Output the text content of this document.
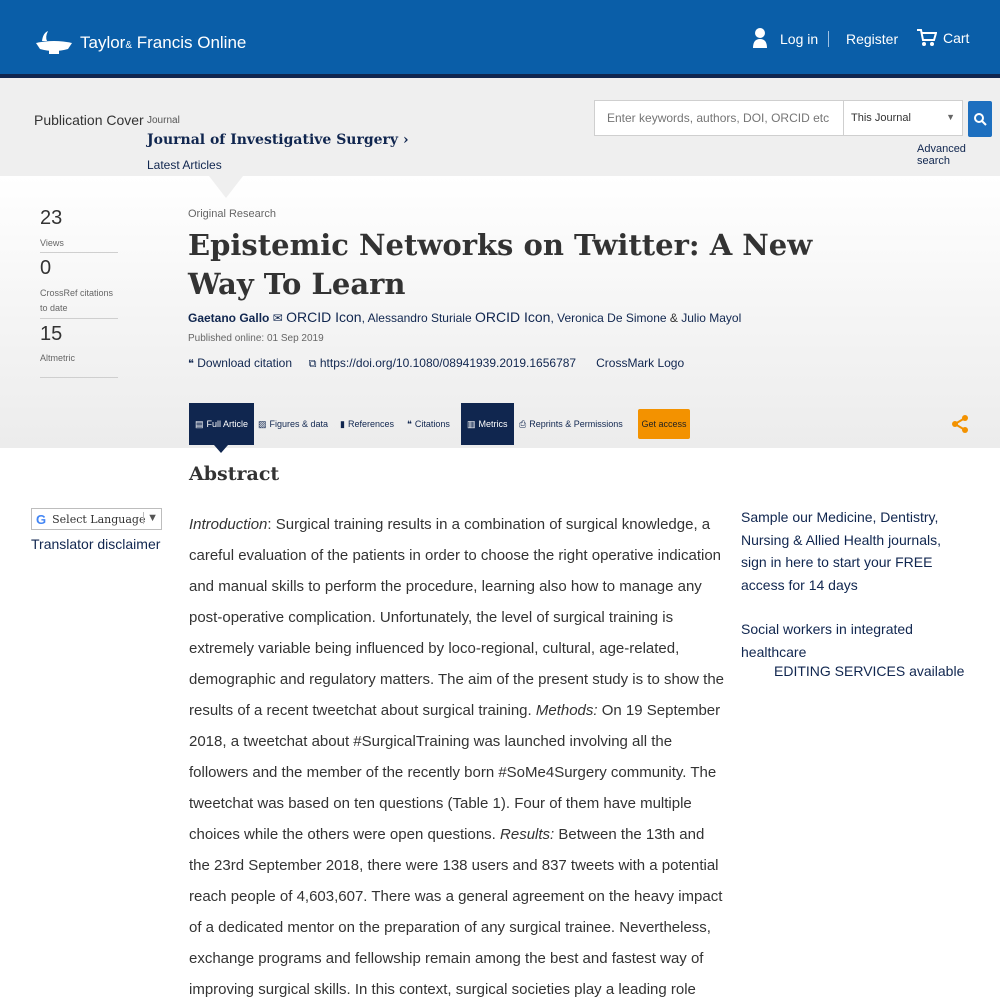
Taylor& Francis Online	Log in Register	Cart
Publication Cover Journal
Journal of Investigative Surgery ›
Latest Articles
Enter keywords, authors, DOI, ORCID etc
This Journal	▼
Advanced search
23
Views
0
CrossRef citations to date
15
Altmetric
Original Research
Epistemic Networks on Twitter: A New Way To Learn
Gaetano Gallo ✉ ORCID Icon, Alessandro Sturiale ORCID Icon, Veronica De Simone & Julio Mayol
Published online: 01 Sep 2019
❝ Download citation ⧉ https://doi.org/10.1080/08941939.2019.1656787 CrossMark Logo
▤ Full Article ▨ Figures & data ▮ References ❝ Citations ▥ Metrics ⎙ Reprints & Permissions	Get access
G Select Language ▼
Translator disclaimer
Abstract

Introduction: Surgical training results in a combination of surgical knowledge, a careful evaluation of the patients in order to choose the right operative indication and manual skills to perform the procedure, learning also how to manage any post-operative complication. Unfortunately, the level of surgical training is extremely variable being influenced by loco-regional, cultural, age-related, demographic and regulatory matters. The aim of the present study is to show the results of a recent tweetchat about surgical training. Methods: On 19 September 2018, a tweetchat about #SurgicalTraining was launched involving all the followers and the member of the recently born #SoMe4Surgery community. The tweetchat was based on ten questions (Table 1). Four of them have multiple choices while the others were open questions. Results: Between the 13th and the 23rd September 2018, there were 138 users and 837 tweets with a potential reach people of 4,603,607. There was a general agreement on the heavy impact of a dedicated mentor on the preparation of any surgical trainee. Nevertheless, exchange programs and fellowship remain among the best and fastest way of improving surgical skills. In this context, surgical societies play a leading role

Sample our Medicine, Dentistry, Nursing & Allied Health journals, sign in here to start your FREE access for 14 days
Social workers in integrated healthcare
EDITING SERVICES available
